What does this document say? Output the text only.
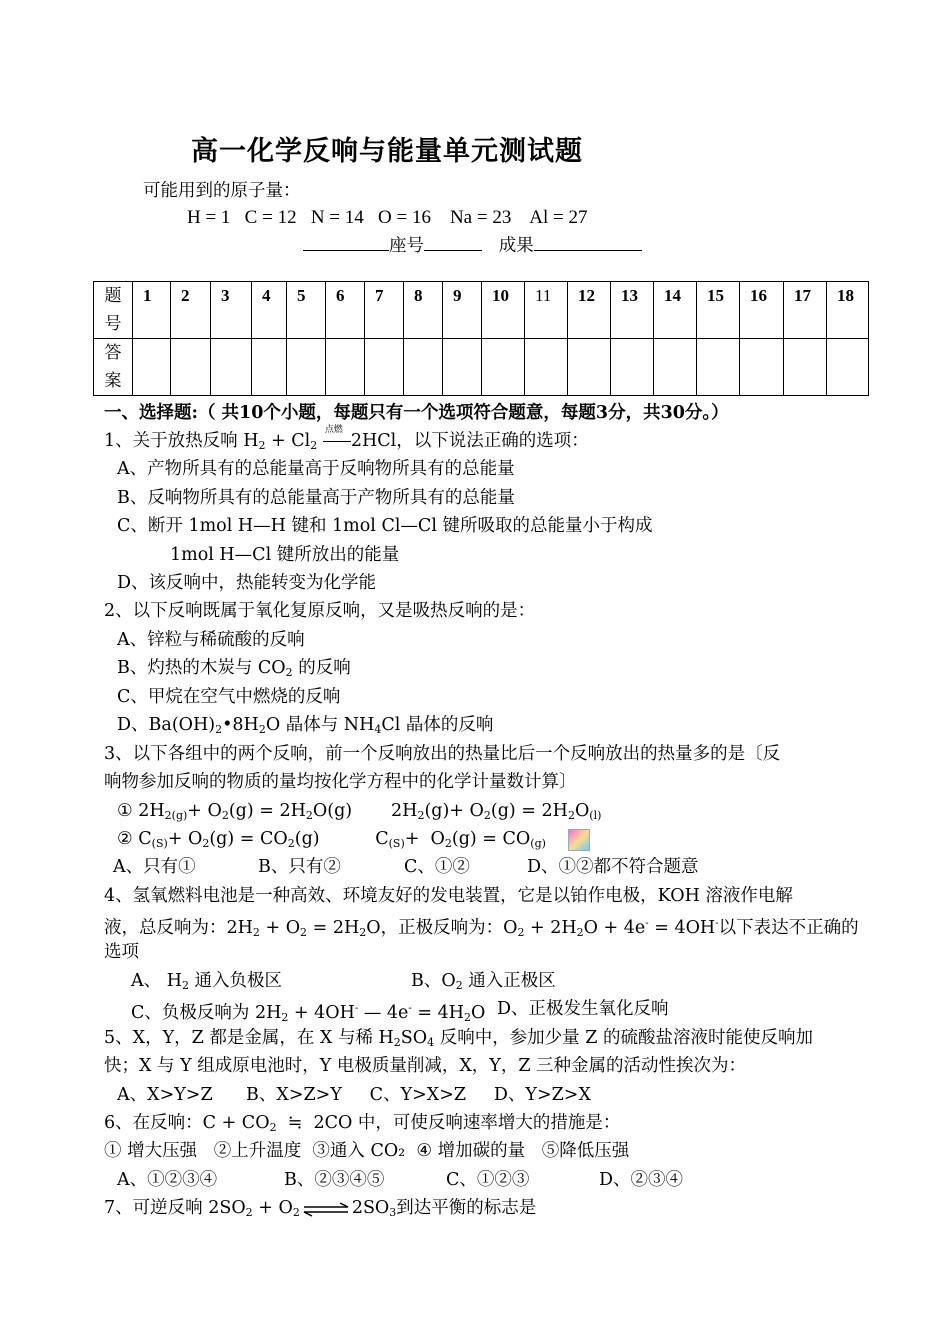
高一化学反响与能量单元测试题
可能用到的原子量：
H = 1   C = 12   N = 14   O = 16    Na = 23    Al = 27
座号	成果
题
号	1	2	3	4	5	6	7	8	9	10	11	12	13	14	15	16	17	18

答
案																		
一、选择题:（ 共10个小题，每题只有一个选项符合题意，每题3分，共30分。）
1、关于放热反响 $H_2 + Cl_2$
点燃
2HCl，以下说法正确的选项：
A、产物所具有的总能量高于反响物所具有的总能量
B、反响物所具有的总能量高于产物所具有的总能量
C、断开 1mol H—H 键和 1mol Cl—Cl 键所吸取的总能量小于构成
1mol H—Cl 键所放出的能量
D、该反响中，热能转变为化学能
2、以下反响既属于氧化复原反响，又是吸热反响的是：
A、锌粒与稀硫酸的反响
B、灼热的木炭与 $CO_2$ 的反响
C、甲烷在空气中燃烧的反响
D、$Ba(OH)_2•8H_2O$ 晶体与 $NH_4Cl$ 晶体的反响
3、以下各组中的两个反响，前一个反响放出的热量比后一个反响放出的热量多的是〔反
响物参加反响的物质的量均按化学方程中的化学计量数计算〕
① $2H_{2(g)}+ O_2(g) = 2H_2O(g)$       $2H_2(g)+ O_2(g) = 2H_2O_{(l)}$
② $C_{(S)}+ O_2(g) = CO_2(g)$          $C_{(S)}+ O_2(g) = CO_{(g)}$
A、只有①	B、只有②	C、①②	D、①②都不符合题意
4、氢氧燃料电池是一种高效、环境友好的发电装置，它是以铂作电极，KOH 溶液作电解
液，总反响为：$2H_2 + O_2 = 2H_2O$，正极反响为：$O_2 + 2H_2O + 4e^- = 4OH^-$以下表达不正确的
选项
A、 $H_2$ 通入负极区	B、$O_2$ 通入正极区
C、负极反响为 $2H_2 + 4OH^-$ — $4e^- = 4H_2O$ D、正极发生氧化反响
5、X，Y，Z 都是金属，在 X 与稀 $H_2SO_4$ 反响中，参加少量 Z 的硫酸盐溶液时能使反响加
快；X 与 Y 组成原电池时，Y 电极质量削减，X，Y，Z 三种金属的活动性挨次为：
A、X>Y>Z      B、X>Z>Y     C、Y>X>Z     D、Y>Z>X
6、在反响：$C + CO_2$  ≒  2CO 中，可使反响速率增大的措施是：
① 增大压强   ②上升温度  ③通入 CO₂  ④ 增加碳的量   ⑤降低压强
A、①②③④	B、②③④⑤	C、①②③	D、②③④
7、可逆反响 $2SO_2 + O_2$ ⇌ $2SO_3$到达平衡的标志是
